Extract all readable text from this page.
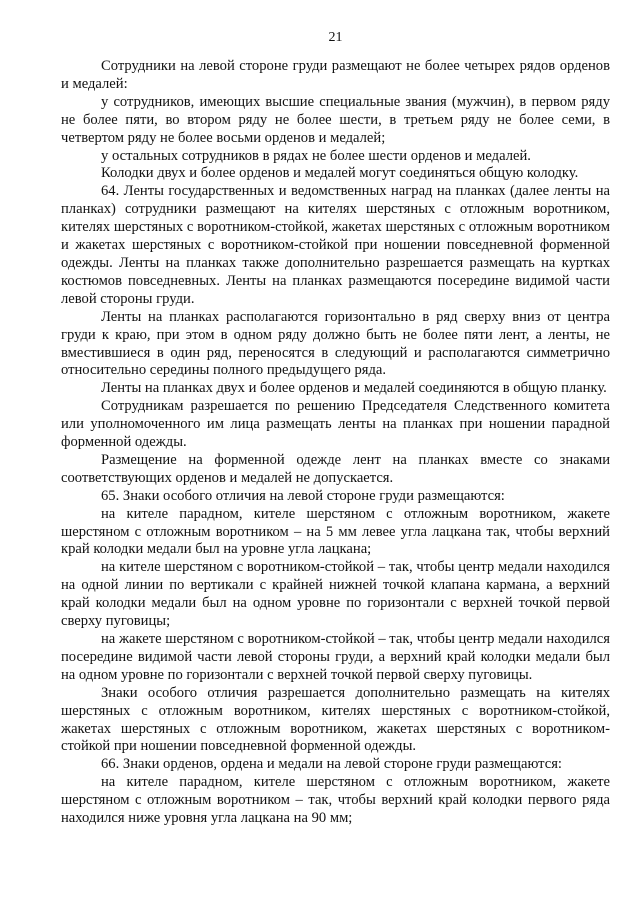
21

Сотрудники на левой стороне груди размещают не более четырех рядов орденов и медалей:

у сотрудников, имеющих высшие специальные звания (мужчин), в первом ряду не более пяти, во втором ряду не более шести, в третьем ряду не более семи, в четвертом ряду не более восьми орденов и медалей;

у остальных сотрудников в рядах не более шести орденов и медалей.

Колодки двух и более орденов и медалей могут соединяться общую колодку.

64. Ленты государственных и ведомственных наград на планках (далее ленты на планках) сотрудники размещают на кителях шерстяных с отложным воротником, кителях шерстяных с воротником-стойкой, жакетах шерстяных с отложным воротником и жакетах шерстяных с воротником-стойкой при ношении повседневной форменной одежды. Ленты на планках также дополнительно разрешается размещать на куртках костюмов повседневных. Ленты на планках размещаются посередине видимой части левой стороны груди.

Ленты на планках располагаются горизонтально в ряд сверху вниз от центра груди к краю, при этом в одном ряду должно быть не более пяти лент, а ленты, не вместившиеся в один ряд, переносятся в следующий и располагаются симметрично относительно середины полного предыдущего ряда.

Ленты на планках двух и более орденов и медалей соединяются в общую планку.

Сотрудникам разрешается по решению Председателя Следственного комитета или уполномоченного им лица размещать ленты на планках при ношении парадной форменной одежды.

Размещение на форменной одежде лент на планках вместе со знаками соответствующих орденов и медалей не допускается.

65. Знаки особого отличия на левой стороне груди размещаются:

на кителе парадном, кителе шерстяном с отложным воротником, жакете шерстяном с отложным воротником – на 5 мм левее угла лацкана так, чтобы верхний край колодки медали был на уровне угла лацкана;

на кителе шерстяном с воротником-стойкой – так, чтобы центр медали находился на одной линии по вертикали с крайней нижней точкой клапана кармана, а верхний край колодки медали был на одном уровне по горизонтали с верхней точкой первой сверху пуговицы;

на жакете шерстяном с воротником-стойкой – так, чтобы центр медали находился посередине видимой части левой стороны груди, а верхний край колодки медали был на одном уровне по горизонтали с верхней точкой первой сверху пуговицы.

Знаки особого отличия разрешается дополнительно размещать на кителях шерстяных с отложным воротником, кителях шерстяных с воротником-стойкой, жакетах шерстяных с отложным воротником, жакетах шерстяных с воротником-стойкой при ношении повседневной форменной одежды.

66. Знаки орденов, ордена и медали на левой стороне груди размещаются:

на кителе парадном, кителе шерстяном с отложным воротником, жакете шерстяном с отложным воротником – так, чтобы верхний край колодки первого ряда находился ниже уровня угла лацкана на 90 мм;
